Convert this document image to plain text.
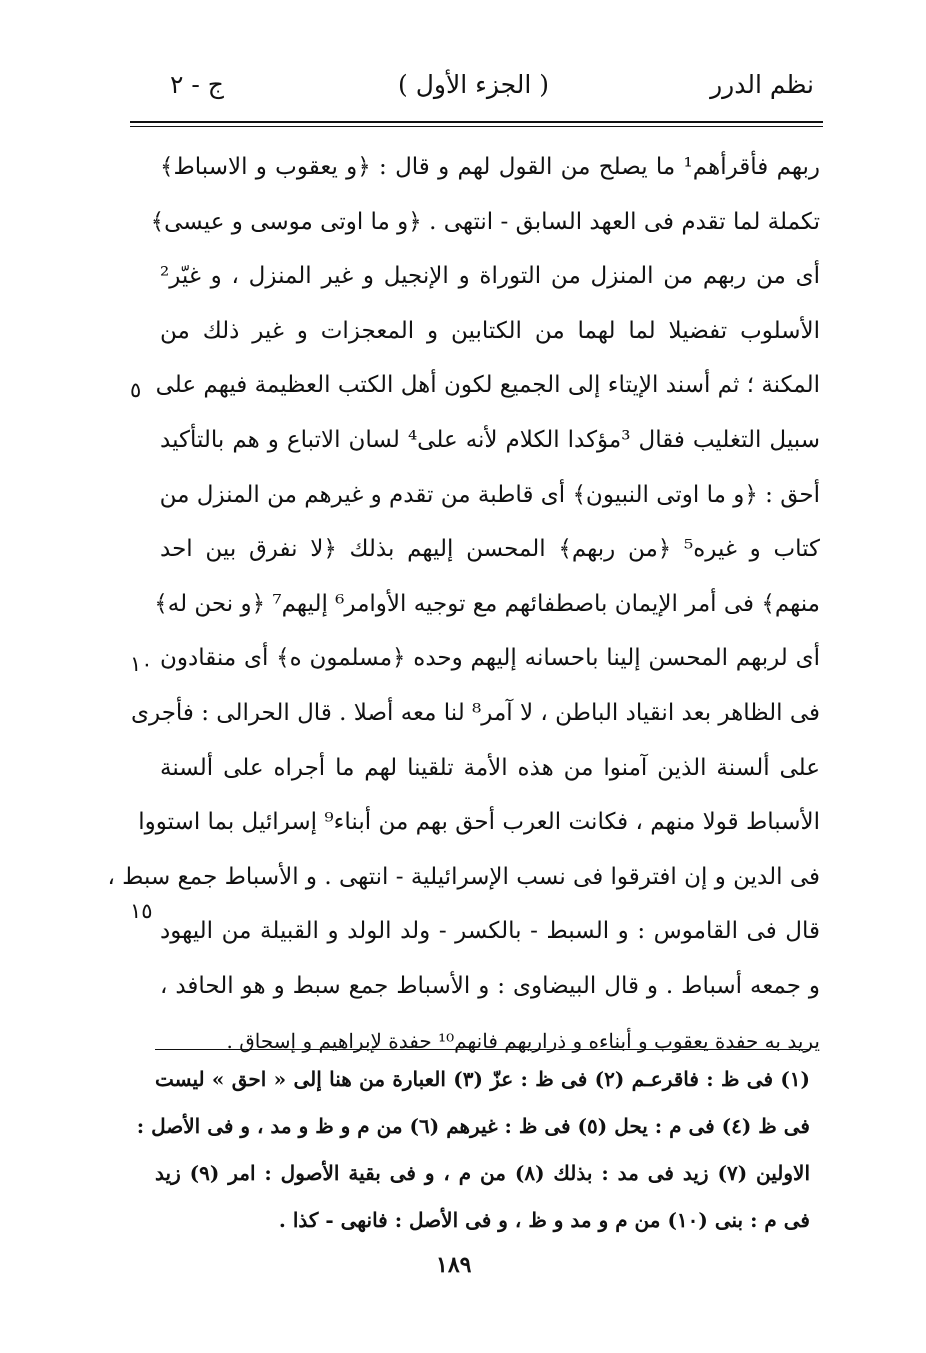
نظم الدرر
( الجزء الأول )
ج - ٢
ربهم فأقرأهم¹ ما يصلح من القول لهم و قال : ﴿و يعقوب و الاسباط﴾
تكملة لما تقدم فى العهد السابق - انتهى . ﴿و ما اوتى موسى و عيسى﴾
أى من ربهم من المنزل من التوراة و الإنجيل و غير المنزل ، و غيّر²
الأسلوب تفضيلا لما لهما من الكتابين و المعجزات و غير ذلك من
المكنة ؛ ثم أسند الإيتاء إلى الجميع لكون أهل الكتب العظيمة فيهم على
سبيل التغليب فقال ³مؤكدا الكلام لأنه على⁴ لسان الاتباع و هم بالتأكيد
أحق : ﴿و ما اوتى النبيون﴾ أى قاطبة من تقدم و غيرهم من المنزل من
كتاب و غيره⁵ ﴿من ربهم﴾ المحسن إليهم بذلك ﴿لا نفرق بين احد
منهم﴾ فى أمر الإيمان باصطفائهم مع توجيه الأوامر⁶ إليهم⁷ ﴿و نحن له﴾
أى لربهم المحسن إلينا باحسانه إليهم وحده ﴿مسلمون ه﴾ أى منقادون
فى الظاهر بعد انقياد الباطن ، لا آمر⁸ لنا معه أصلا . قال الحرالى : فأجرى
على ألسنة الذين آمنوا من هذه الأمة تلقينا لهم ما أجراه على ألسنة
الأسباط قولا منهم ، فكانت العرب أحق بهم من أبناء⁹ إسرائيل بما استووا
فى الدين و إن افترقوا فى نسب الإسرائيلية - انتهى . و الأسباط جمع سبط ،
قال فى القاموس : و السبط - بالكسر - ولد الولد و القبيلة من اليهود
و جمعه أسباط . و قال البيضاوى : و الأسباط جمع سبط و هو الحافد ،
يريد به حفدة يعقوب و أبناءه و ذراريهم فانهم¹⁰ حفدة لإبراهيم و إسحاق .
٥
١٠
١٥
(١) فى ظ : فاقرعـم (٢) فى ظ : عزّ (٣) العبارة من هنا إلى « احق » ليست
فى ظ (٤) فى م : يحل (٥) فى ظ : غيرهم (٦) من م و ظ و مد ، و فى الأصل :
الاولين (٧) زيد فى مد : بذلك (٨) من م ، و فى بقية الأصول : امر (٩) زيد
فى م : بنى (١٠) من م و مد و ظ ، و فى الأصل : فانهى - كذا .
١٨٩
